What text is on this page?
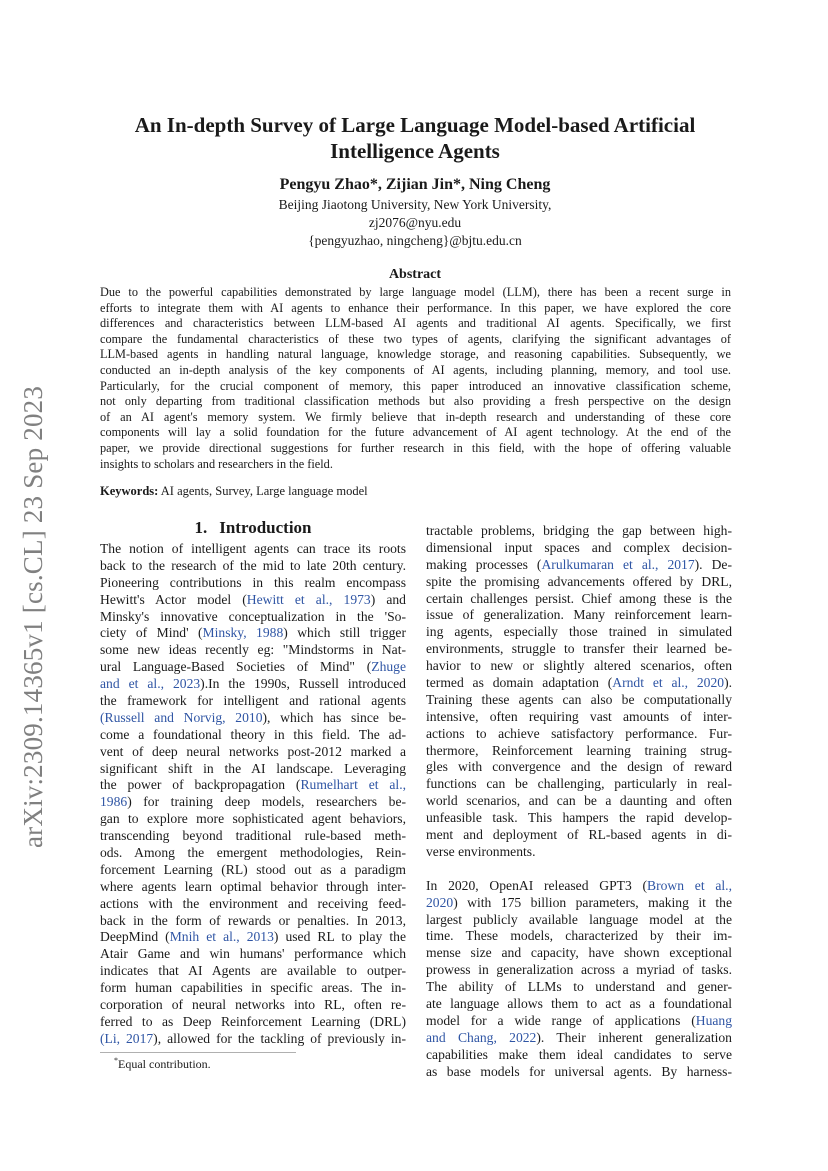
arXiv:2309.14365v1 [cs.CL] 23 Sep 2023
An In-depth Survey of Large Language Model-based Artificial
Intelligence Agents
Pengyu Zhao*, Zijian Jin*, Ning Cheng
Beijing Jiaotong University, New York University,
zj2076@nyu.edu
{pengyuzhao, ningcheng}@bjtu.edu.cn
Abstract
Due to the powerful capabilities demonstrated by large language model (LLM), there has been a recent surge in
efforts to integrate them with AI agents to enhance their performance. In this paper, we have explored the core
differences and characteristics between LLM-based AI agents and traditional AI agents. Specifically, we first
compare the fundamental characteristics of these two types of agents, clarifying the significant advantages of
LLM-based agents in handling natural language, knowledge storage, and reasoning capabilities. Subsequently, we
conducted an in-depth analysis of the key components of AI agents, including planning, memory, and tool use.
Particularly, for the crucial component of memory, this paper introduced an innovative classification scheme,
not only departing from traditional classification methods but also providing a fresh perspective on the design
of an AI agent's memory system. We firmly believe that in-depth research and understanding of these core
components will lay a solid foundation for the future advancement of AI agent technology. At the end of the
paper, we provide directional suggestions for further research in this field, with the hope of offering valuable
insights to scholars and researchers in the field.
Keywords: AI agents, Survey, Large language model
1. Introduction
The notion of intelligent agents can trace its roots
back to the research of the mid to late 20th century.
Pioneering contributions in this realm encompass
Hewitt's Actor model (Hewitt et al., 1973) and
Minsky's innovative conceptualization in the 'So-
ciety of Mind' (Minsky, 1988) which still trigger
some new ideas recently eg: "Mindstorms in Nat-
ural Language-Based Societies of Mind" (Zhuge
and et al., 2023).In the 1990s, Russell introduced
the framework for intelligent and rational agents
(Russell and Norvig, 2010), which has since be-
come a foundational theory in this field. The ad-
vent of deep neural networks post-2012 marked a
significant shift in the AI landscape. Leveraging
the power of backpropagation (Rumelhart et al.,
1986) for training deep models, researchers be-
gan to explore more sophisticated agent behaviors,
transcending beyond traditional rule-based meth-
ods. Among the emergent methodologies, Rein-
forcement Learning (RL) stood out as a paradigm
where agents learn optimal behavior through inter-
actions with the environment and receiving feed-
back in the form of rewards or penalties. In 2013,
DeepMind (Mnih et al., 2013) used RL to play the
Atair Game and win humans' performance which
indicates that AI Agents are available to outper-
form human capabilities in specific areas. The in-
corporation of neural networks into RL, often re-
ferred to as Deep Reinforcement Learning (DRL)
(Li, 2017), allowed for the tackling of previously in-
tractable problems, bridging the gap between high-
dimensional input spaces and complex decision-
making processes (Arulkumaran et al., 2017). De-
spite the promising advancements offered by DRL,
certain challenges persist. Chief among these is the
issue of generalization. Many reinforcement learn-
ing agents, especially those trained in simulated
environments, struggle to transfer their learned be-
havior to new or slightly altered scenarios, often
termed as domain adaptation (Arndt et al., 2020).
Training these agents can also be computationally
intensive, often requiring vast amounts of inter-
actions to achieve satisfactory performance. Fur-
thermore, Reinforcement learning training strug-
gles with convergence and the design of reward
functions can be challenging, particularly in real-
world scenarios, and can be a daunting and often
unfeasible task. This hampers the rapid develop-
ment and deployment of RL-based agents in di-
verse environments.
In 2020, OpenAI released GPT3 (Brown et al.,
2020) with 175 billion parameters, making it the
largest publicly available language model at the
time. These models, characterized by their im-
mense size and capacity, have shown exceptional
prowess in generalization across a myriad of tasks.
The ability of LLMs to understand and gener-
ate language allows them to act as a foundational
model for a wide range of applications (Huang
and Chang, 2022). Their inherent generalization
capabilities make them ideal candidates to serve
as base models for universal agents. By harness-
*Equal contribution.
